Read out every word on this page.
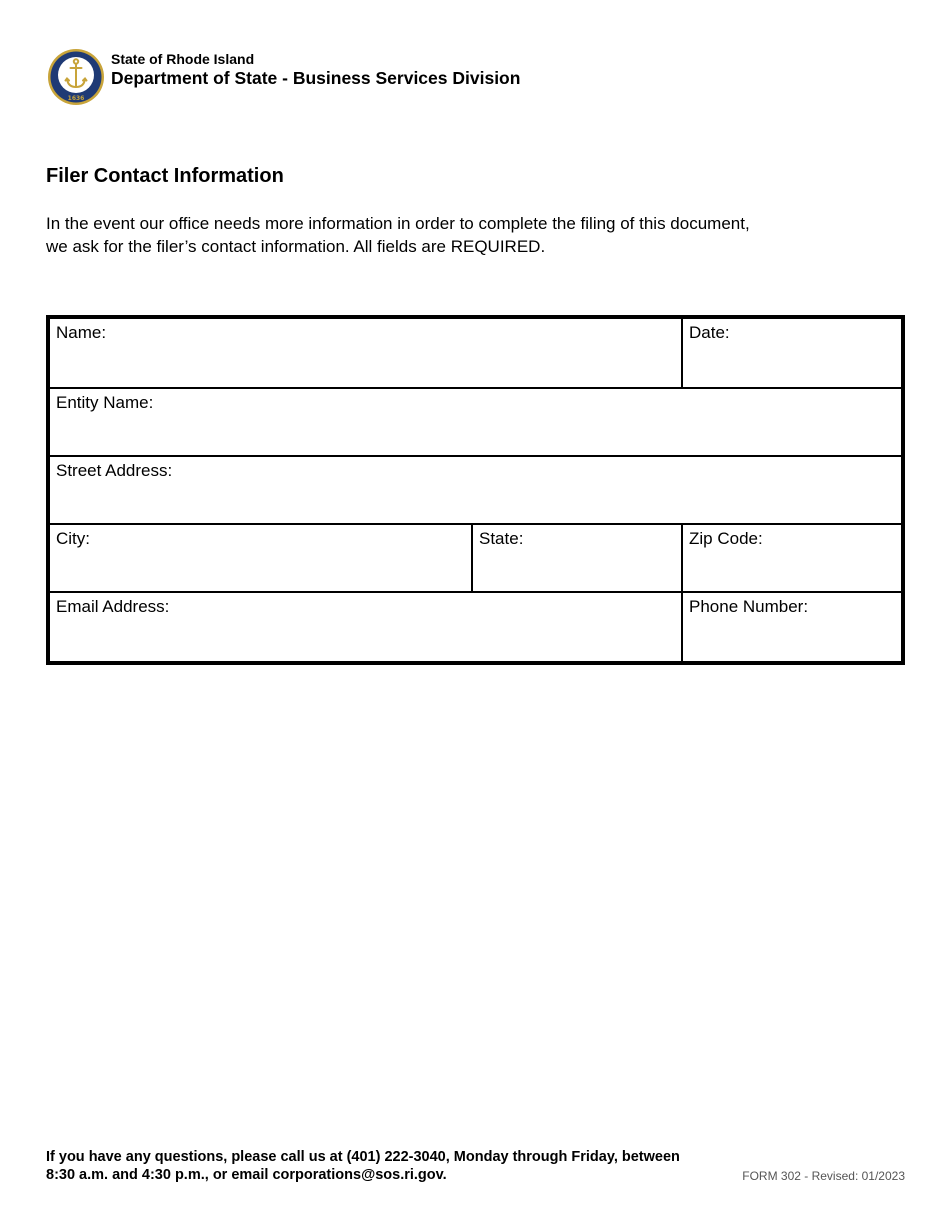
1636
State of Rhode Island
Department of State - Business Services Division
Filer Contact Information
In the event our office needs more information in order to complete the filing of this document, we ask for the filer’s contact information. All fields are REQUIRED.
Name:	Date:
Entity Name:
Street Address:
City:	State:	Zip Code:
Email Address:	Phone Number:
If you have any questions, please call us at (401) 222-3040, Monday through Friday, between 8:30 a.m. and 4:30 p.m., or email corporations@sos.ri.gov.	FORM 302 - Revised: 01/2023
